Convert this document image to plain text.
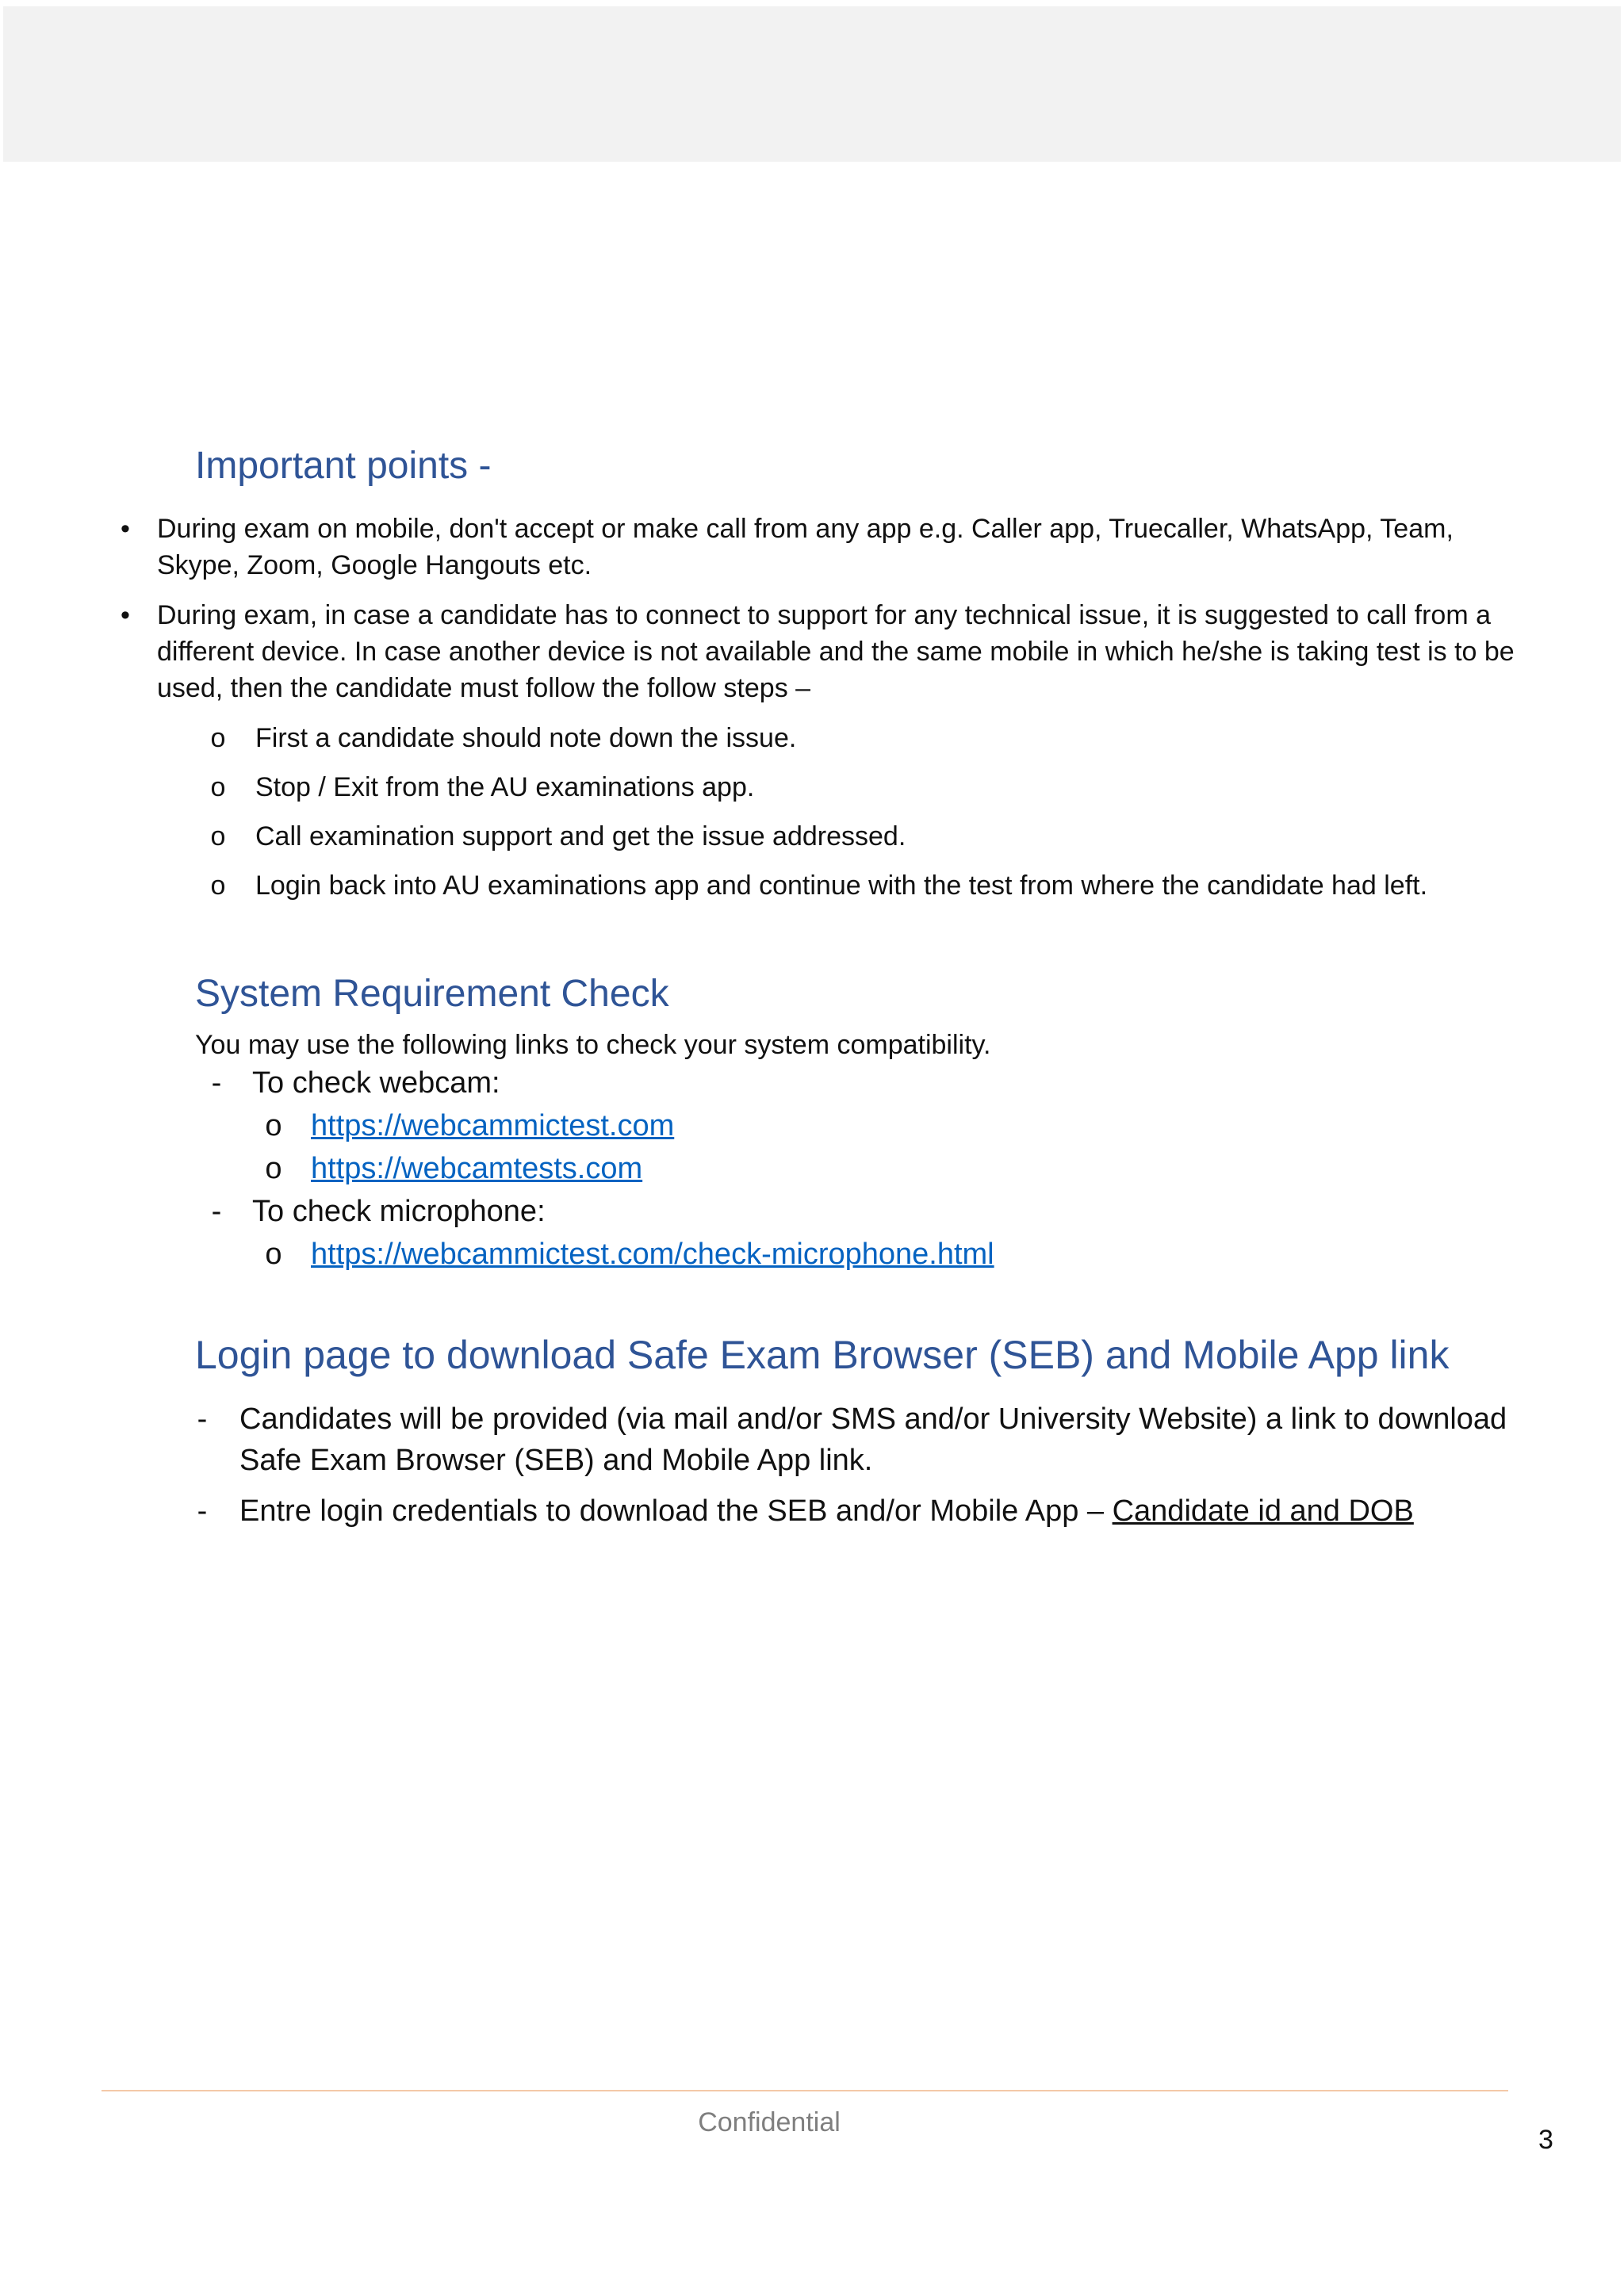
Important points -
•	During exam on mobile, don't accept or make call from any app e.g. Caller app, Truecaller, WhatsApp, Team,
Skype, Zoom, Google Hangouts etc.
•	During exam, in case a candidate has to connect to support for any technical issue, it is suggested to call from a
different device. In case another device is not available and the same mobile in which he/she is taking test is to be
used, then the candidate must follow the follow steps –
o First a candidate should note down the issue.
o Stop / Exit from the AU examinations app.
o Call examination support and get the issue addressed.
o Login back into AU examinations app and continue with the test from where the candidate had left.
System Requirement Check
You may use the following links to check your system compatibility.
- To check webcam:
o https://webcammictest.com
o https://webcamtests.com
- To check microphone:
o https://webcammictest.com/check-microphone.html
Login page to download Safe Exam Browser (SEB) and Mobile App link
- Candidates will be provided (via mail and/or SMS and/or University Website) a link to download
Safe Exam Browser (SEB) and Mobile App link.
- Entre login credentials to download the SEB and/or Mobile App – Candidate id and DOB
Confidential
3
